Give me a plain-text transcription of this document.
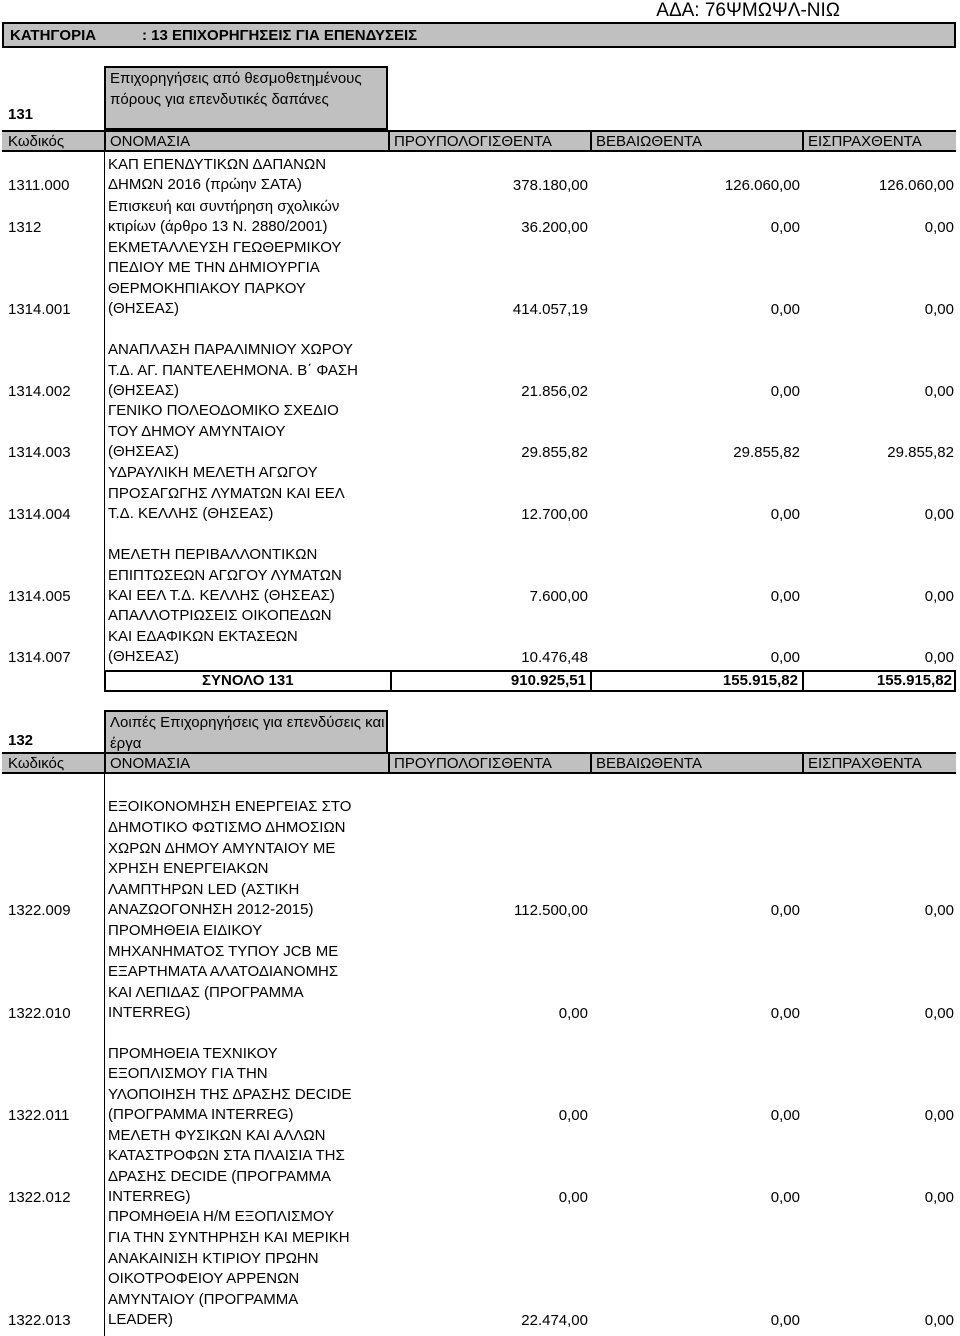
ΑΔΑ: 76ΨΜΩΨΛ-ΝΙΩ
ΚΑΤΗΓΟΡΙΑ	: 13 ΕΠΙΧΟΡΗΓΗΣΕΙΣ ΓΙΑ ΕΠΕΝΔΥΣΕΙΣ
131
Επιχορηγήσεις από θεσμοθετημένους πόρους για επενδυτικές δαπάνες
Κωδικός	ΟΝΟΜΑΣΙΑ	ΠΡΟΥΠΟΛΟΓΙΣΘΕΝΤΑ	ΒΕΒΑΙΩΘΕΝΤΑ	ΕΙΣΠΡΑΧΘΕΝΤΑ
1311.000
ΚΑΠ ΕΠΕΝΔΥΤΙΚΩΝ ΔΑΠΑΝΩΝ
ΔΗΜΩΝ 2016 (πρώην ΣΑΤΑ)	378.180,00	126.060,00	126.060,00
1312
Επισκευή και συντήρηση σχολικών
κτιρίων (άρθρο 13 Ν. 2880/2001)	36.200,00	0,00	0,00
1314.001
ΕΚΜΕΤΑΛΛΕΥΣΗ ΓΕΩΘΕΡΜΙΚΟΥ
ΠΕΔΙΟΥ ΜΕ ΤΗΝ ΔΗΜΙΟΥΡΓΙΑ
ΘΕΡΜΟΚΗΠΙΑΚΟΥ ΠΑΡΚΟΥ
(ΘΗΣΕΑΣ)	414.057,19	0,00	0,00
1314.002
ΑΝΑΠΛΑΣΗ ΠΑΡΑΛΙΜΝΙΟΥ ΧΩΡΟΥ
Τ.Δ. ΑΓ. ΠΑΝΤΕΛΕΗΜΟΝΑ. Β΄ ΦΑΣΗ
(ΘΗΣΕΑΣ)	21.856,02	0,00	0,00
1314.003
ΓΕΝΙΚΟ ΠΟΛΕΟΔΟΜΙΚΟ ΣΧΕΔΙΟ
ΤΟΥ ΔΗΜΟΥ ΑΜΥΝΤΑΙΟΥ
(ΘΗΣΕΑΣ)	29.855,82	29.855,82	29.855,82
1314.004
ΥΔΡΑΥΛΙΚΗ ΜΕΛΕΤΗ ΑΓΩΓΟΥ
ΠΡΟΣΑΓΩΓΗΣ ΛΥΜΑΤΩΝ ΚΑΙ ΕΕΛ
Τ.Δ. ΚΕΛΛΗΣ (ΘΗΣΕΑΣ)	12.700,00	0,00	0,00
1314.005
ΜΕΛΕΤΗ ΠΕΡΙΒΑΛΛΟΝΤΙΚΩΝ
ΕΠΙΠΤΩΣΕΩΝ ΑΓΩΓΟΥ ΛΥΜΑΤΩΝ
ΚΑΙ ΕΕΛ Τ.Δ. ΚΕΛΛΗΣ (ΘΗΣΕΑΣ)	7.600,00	0,00	0,00
1314.007
ΑΠΑΛΛΟΤΡΙΩΣΕΙΣ ΟΙΚΟΠΕΔΩΝ
ΚΑΙ ΕΔΑΦΙΚΩΝ ΕΚΤΑΣΕΩΝ
(ΘΗΣΕΑΣ)	10.476,48	0,00	0,00
ΣΥΝΟΛΟ 131	910.925,51	155.915,82	155.915,82
132
Λοιπές Επιχορηγήσεις για επενδύσεις και έργα
Κωδικός	ΟΝΟΜΑΣΙΑ	ΠΡΟΥΠΟΛΟΓΙΣΘΕΝΤΑ	ΒΕΒΑΙΩΘΕΝΤΑ	ΕΙΣΠΡΑΧΘΕΝΤΑ
1322.009
ΕΞΟΙΚΟΝΟΜΗΣΗ ΕΝΕΡΓΕΙΑΣ ΣΤΟ
ΔΗΜΟΤΙΚΟ ΦΩΤΙΣΜΟ ΔΗΜΟΣΙΩΝ
ΧΩΡΩΝ ΔΗΜΟΥ ΑΜΥΝΤΑΙΟΥ ΜΕ
ΧΡΗΣΗ ΕΝΕΡΓΕΙΑΚΩΝ
ΛΑΜΠΤΗΡΩΝ LED (ΑΣΤΙΚΗ
ΑΝΑΖΩΟΓΟΝΗΣΗ 2012-2015)	112.500,00	0,00	0,00
1322.010
ΠΡΟΜΗΘΕΙΑ ΕΙΔΙΚΟΥ
ΜΗΧΑΝΗΜΑΤΟΣ ΤΥΠΟΥ JCB ΜΕ
ΕΞΑΡΤΗΜΑΤΑ ΑΛΑΤΟΔΙΑΝΟΜΗΣ
ΚΑΙ ΛΕΠΙΔΑΣ (ΠΡΟΓΡΑΜΜΑ
INTERREG)	0,00	0,00	0,00
1322.011
ΠΡΟΜΗΘΕΙΑ ΤΕΧΝΙΚΟΥ
ΕΞΟΠΛΙΣΜΟΥ ΓΙΑ ΤΗΝ
ΥΛΟΠΟΙΗΣΗ ΤΗΣ ΔΡΑΣΗΣ DECIDE
(ΠΡΟΓΡΑΜΜΑ INTERREG)	0,00	0,00	0,00
1322.012
ΜΕΛΕΤΗ ΦΥΣΙΚΩΝ ΚΑΙ ΑΛΛΩΝ
ΚΑΤΑΣΤΡΟΦΩΝ ΣΤΑ ΠΛΑΙΣΙΑ ΤΗΣ
ΔΡΑΣΗΣ DECIDE (ΠΡΟΓΡΑΜΜΑ
INTERREG)	0,00	0,00	0,00
1322.013
ΠΡΟΜΗΘΕΙΑ Η/Μ ΕΞΟΠΛΙΣΜΟΥ
ΓΙΑ ΤΗΝ ΣΥΝΤΗΡΗΣΗ ΚΑΙ ΜΕΡΙΚΗ
ΑΝΑΚΑΙΝΙΣΗ ΚΤΙΡΙΟΥ ΠΡΩΗΝ
ΟΙΚΟΤΡΟΦΕΙΟΥ ΑΡΡΕΝΩΝ
ΑΜΥΝΤΑΙΟΥ (ΠΡΟΓΡΑΜΜΑ
LEADER)	22.474,00	0,00	0,00
